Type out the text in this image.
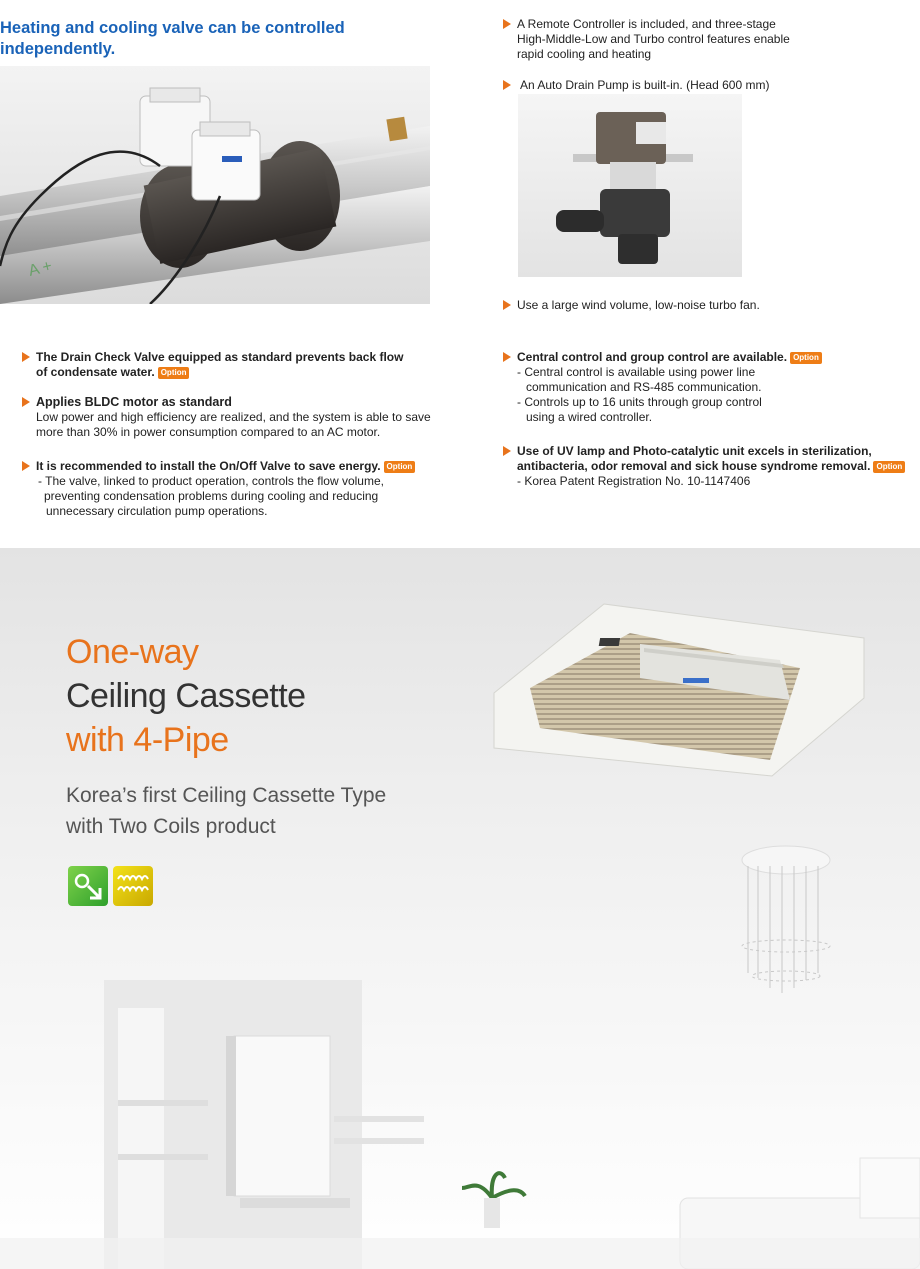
Heating and cooling valve can be controlled independently.
A +
The Drain Check Valve equipped as standard prevents back flow
of condensate water. Option
Applies BLDC motor as standard
Low power and high efficiency are realized, and the system is able to save
more than 30% in power consumption compared to an AC motor.
It is recommended to install the On/Off Valve to save energy. Option
- The valve, linked to product operation, controls the flow volume,
preventing condensation problems during cooling and reducing
unnecessary circulation pump operations.
A Remote Controller is included, and three-stage
High-Middle-Low and Turbo control features enable
rapid cooling and heating
An Auto Drain Pump is built-in. (Head 600 mm)
Use a large wind volume, low-noise turbo fan.
Central control and group control are available. Option
- Central control is available using power line
communication and RS-485 communication.
- Controls up to 16 units through group control
using a wired controller.
Use of UV lamp and Photo-catalytic unit excels in sterilization,
antibacteria, odor removal and sick house syndrome removal. Option
- Korea Patent Registration No. 10-1147406
One-way
Ceiling Cassette
with 4-Pipe
Korea’s first Ceiling Cassette Type
with Two Coils product
